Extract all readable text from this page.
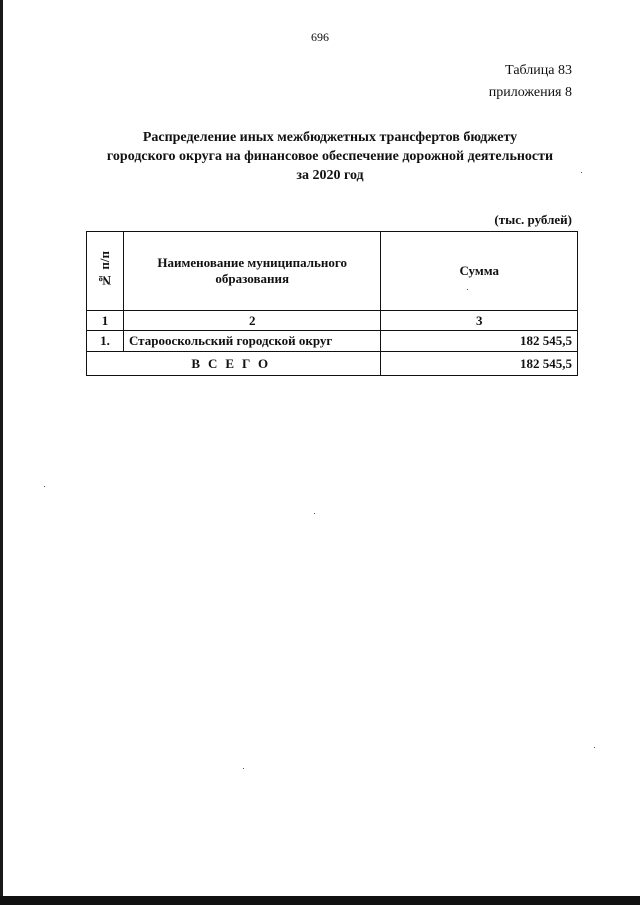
696
Таблица 83
приложения 8
Распределение иных межбюджетных трансфертов бюджету
городского округа на финансовое обеспечение дорожной деятельности
за 2020 год
(тыс. рублей)
№ п/п	Наименование муниципального образования	Сумма
1	2	3
1.	Старооскольский городской округ	182 545,5
ВСЕГО		182 545,5
